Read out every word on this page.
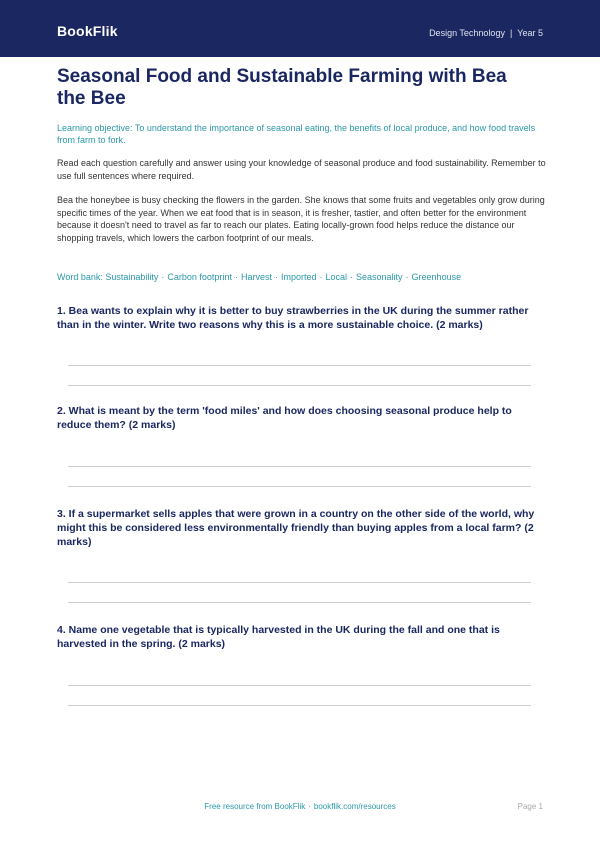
BookFlik	Design Technology | Year 5
Seasonal Food and Sustainable Farming with Bea the Bee
Learning objective: To understand the importance of seasonal eating, the benefits of local produce, and how food travels from farm to fork.
Read each question carefully and answer using your knowledge of seasonal produce and food sustainability. Remember to use full sentences where required.
Bea the honeybee is busy checking the flowers in the garden. She knows that some fruits and vegetables only grow during specific times of the year. When we eat food that is in season, it is fresher, tastier, and often better for the environment because it doesn't need to travel as far to reach our plates. Eating locally-grown food helps reduce the distance our shopping travels, which lowers the carbon footprint of our meals.
Word bank: Sustainability · Carbon footprint · Harvest · Imported · Local · Seasonality · Greenhouse
1. Bea wants to explain why it is better to buy strawberries in the UK during the summer rather than in the winter. Write two reasons why this is a more sustainable choice. (2 marks)
2. What is meant by the term 'food miles' and how does choosing seasonal produce help to reduce them? (2 marks)
3. If a supermarket sells apples that were grown in a country on the other side of the world, why might this be considered less environmentally friendly than buying apples from a local farm? (2 marks)
4. Name one vegetable that is typically harvested in the UK during the fall and one that is harvested in the spring. (2 marks)
Free resource from BookFlik · bookflik.com/resources	Page 1
